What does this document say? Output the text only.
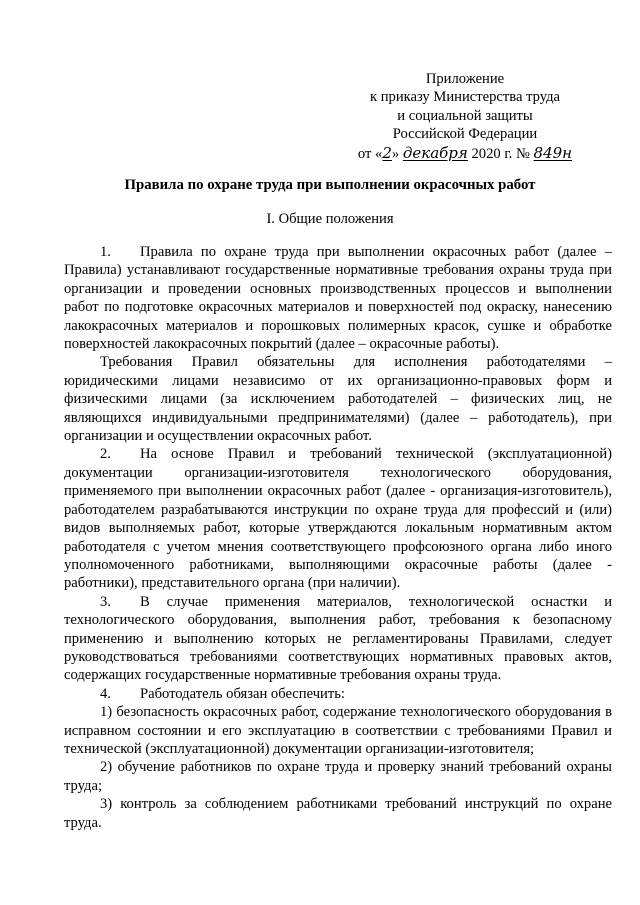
Приложение
к приказу Министерства труда
и социальной защиты
Российской Федерации
от «2» декабря 2020 г. № 849н
Правила по охране труда при выполнении окрасочных работ
I. Общие положения

1. Правила по охране труда при выполнении окрасочных работ (далее – Правила) устанавливают государственные нормативные требования охраны труда при организации и проведении основных производственных процессов и выполнении работ по подготовке окрасочных материалов и поверхностей под окраску, нанесению лакокрасочных материалов и порошковых полимерных красок, сушке и обработке поверхностей лакокрасочных покрытий (далее – окрасочные работы).

Требования Правил обязательны для исполнения работодателями – юридическими лицами независимо от их организационно-правовых форм и физическими лицами (за исключением работодателей – физических лиц, не являющихся индивидуальными предпринимателями) (далее – работодатель), при организации и осуществлении окрасочных работ.

2. На основе Правил и требований технической (эксплуатационной) документации организации-изготовителя технологического оборудования, применяемого при выполнении окрасочных работ (далее - организация-изготовитель), работодателем разрабатываются инструкции по охране труда для профессий и (или) видов выполняемых работ, которые утверждаются локальным нормативным актом работодателя с учетом мнения соответствующего профсоюзного органа либо иного уполномоченного работниками, выполняющими окрасочные работы (далее - работники), представительного органа (при наличии).

3. В случае применения материалов, технологической оснастки и технологического оборудования, выполнения работ, требования к безопасному применению и выполнению которых не регламентированы Правилами, следует руководствоваться требованиями соответствующих нормативных правовых актов, содержащих государственные нормативные требования охраны труда.

4. Работодатель обязан обеспечить:

1) безопасность окрасочных работ, содержание технологического оборудования в исправном состоянии и его эксплуатацию в соответствии с требованиями Правил и технической (эксплуатационной) документации организации-изготовителя;

2) обучение работников по охране труда и проверку знаний требований охраны труда;

3) контроль за соблюдением работниками требований инструкций по охране труда.
